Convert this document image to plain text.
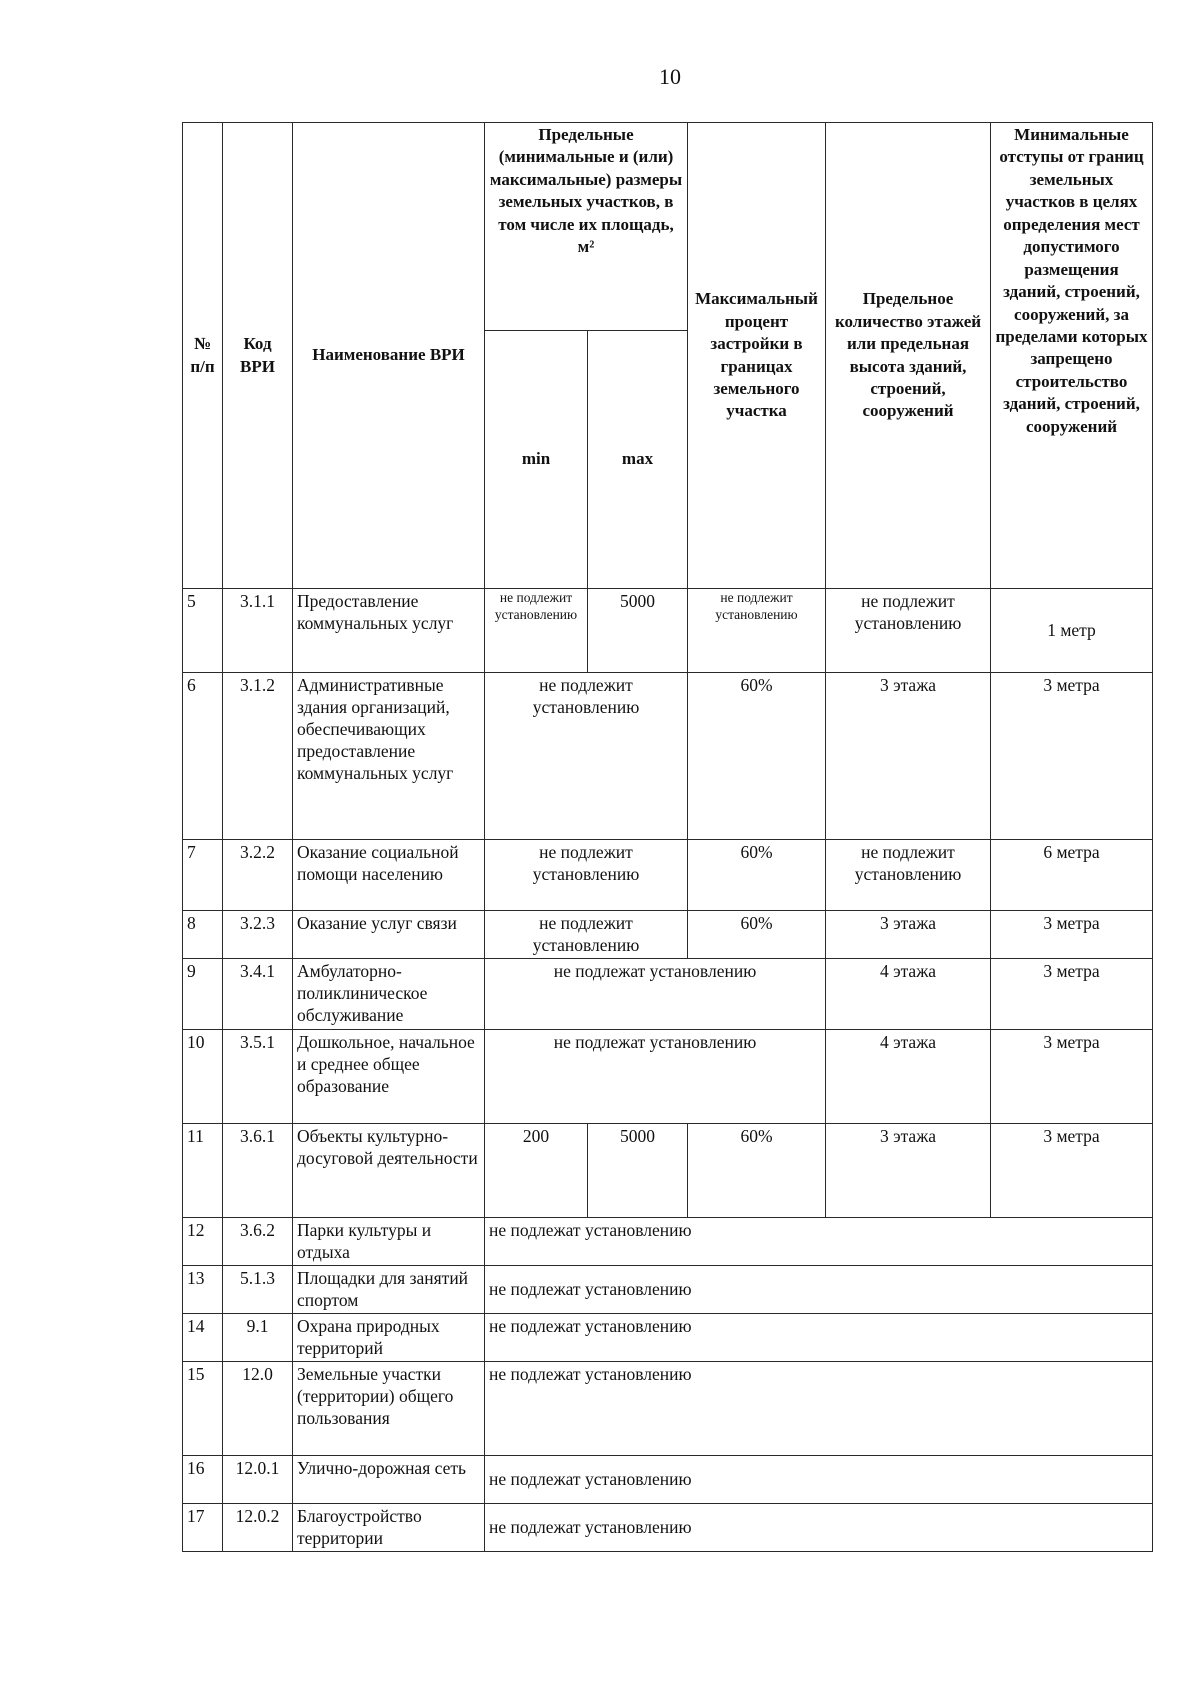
10
№ п/п	Код ВРИ	Наименование ВРИ	Предельные (минимальные и (или) максимальные) размеры земельных участков, в том числе их площадь, м²		Максимальный процент застройки в границах земельного участка	Предельное количество этажей или предельная высота зданий, строений, сооружений	Минимальные отступы от границ земельных участков в целях определения мест допустимого размещения зданий, строений, сооружений, за пределами которых запрещено строительство зданий, строений, сооружений
			min	max			
5	3.1.1	Предоставление коммунальных услуг	не подлежит установлению	5000	не подлежит установлению	не подлежит установлению	1 метр
6	3.1.2	Административные здания организаций, обеспечивающих предоставление коммунальных услуг	не подлежит установлению		60%	3 этажа	3 метра
7	3.2.2	Оказание социальной помощи населению	не подлежит установлению		60%	не подлежит установлению	6 метра
8	3.2.3	Оказание услуг связи	не подлежит установлению		60%	3 этажа	3 метра
9	3.4.1	Амбулаторно-поликлиническое обслуживание	не подлежат установлению			4 этажа	3 метра
10	3.5.1	Дошкольное, начальное и среднее общее образование	не подлежат установлению			4 этажа	3 метра
11	3.6.1	Объекты культурно-досуговой деятельности	200	5000	60%	3 этажа	3 метра
12	3.6.2	Парки культуры и отдыха	не подлежат установлению				
13	5.1.3	Площадки для занятий спортом	не подлежат установлению				
14	9.1	Охрана природных территорий	не подлежат установлению				
15	12.0	Земельные участки (территории) общего пользования	не подлежат установлению				
16	12.0.1	Улично-дорожная сеть	не подлежат установлению				
17	12.0.2	Благоустройство территории	не подлежат установлению				
